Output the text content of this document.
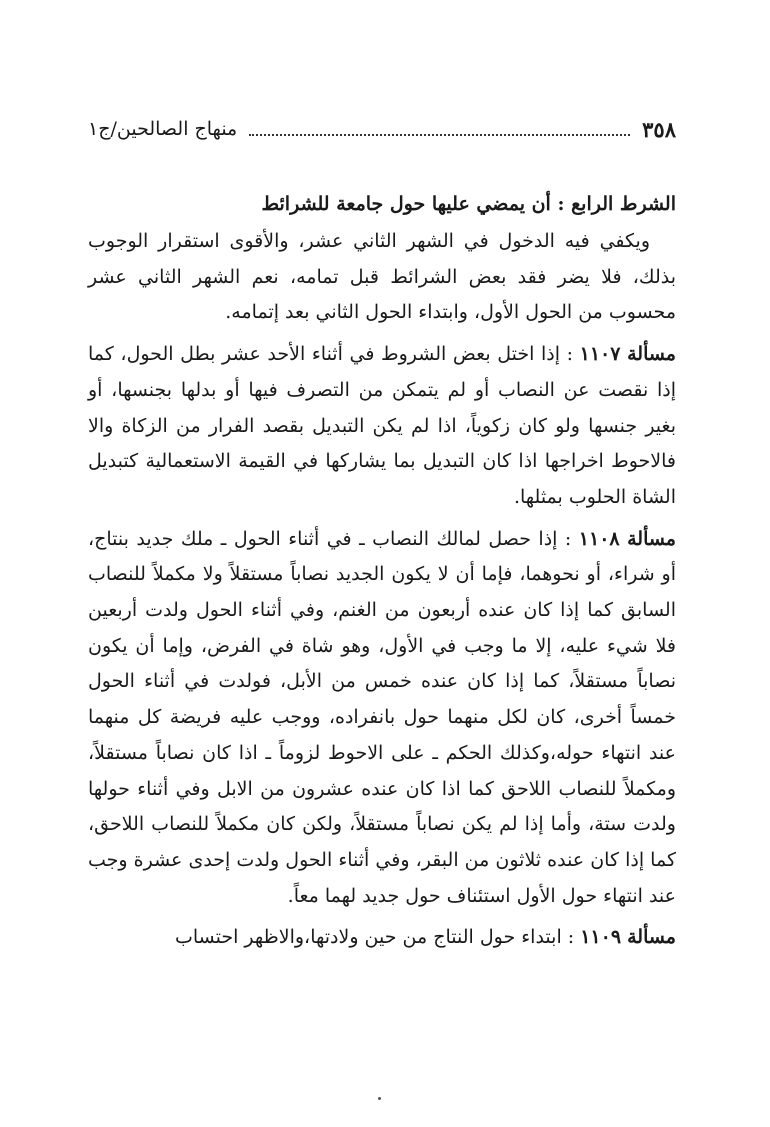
٣٥٨
منهاج الصالحين/ج١

الشرط الرابع : أن يمضي عليها حول جامعة للشرائط

ويكفي فيه الدخول في الشهر الثاني عشر، والأقوى استقرار الوجوب بذلك، فلا يضر فقد بعض الشرائط قبل تمامه، نعم الشهر الثاني عشر محسوب من الحول الأول، وابتداء الحول الثاني بعد إتمامه.

مسألة ١١٠٧ : إذا اختل بعض الشروط في أثناء الأحد عشر بطل الحول، كما إذا نقصت عن النصاب أو لم يتمكن من التصرف فيها أو بدلها بجنسها، أو بغير جنسها ولو كان زكوياً، اذا لم يكن التبديل بقصد الفرار من الزكاة والا فالاحوط اخراجها اذا كان التبديل بما يشاركها في القيمة الاستعمالية كتبديل الشاة الحلوب بمثلها.

مسألة ١١٠٨ : إذا حصل لمالك النصاب ـ في أثناء الحول ـ ملك جديد بنتاج، أو شراء، أو نحوهما، فإما أن لا يكون الجديد نصاباً مستقلاً ولا مكملاً للنصاب السابق كما إذا كان عنده أربعون من الغنم، وفي أثناء الحول ولدت أربعين فلا شيء عليه، إلا ما وجب في الأول، وهو شاة في الفرض، وإما أن يكون نصاباً مستقلاً، كما إذا كان عنده خمس من الأبل، فولدت في أثناء الحول خمساً أخرى، كان لكل منهما حول بانفراده، ووجب عليه فريضة كل منهما عند انتهاء حوله،وكذلك الحكم ـ على الاحوط لزوماً ـ اذا كان نصاباً مستقلاً، ومكملاً للنصاب اللاحق كما اذا كان عنده عشرون من الابل وفي أثناء حولها ولدت ستة، وأما إذا لم يكن نصاباً مستقلاً، ولكن كان مكملاً للنصاب اللاحق، كما إذا كان عنده ثلاثون من البقر، وفي أثناء الحول ولدت إحدى عشرة وجب عند انتهاء حول الأول استئناف حول جديد لهما معاً.

مسألة ١١٠٩ : ابتداء حول النتاج من حين ولادتها،والاظهر احتساب
